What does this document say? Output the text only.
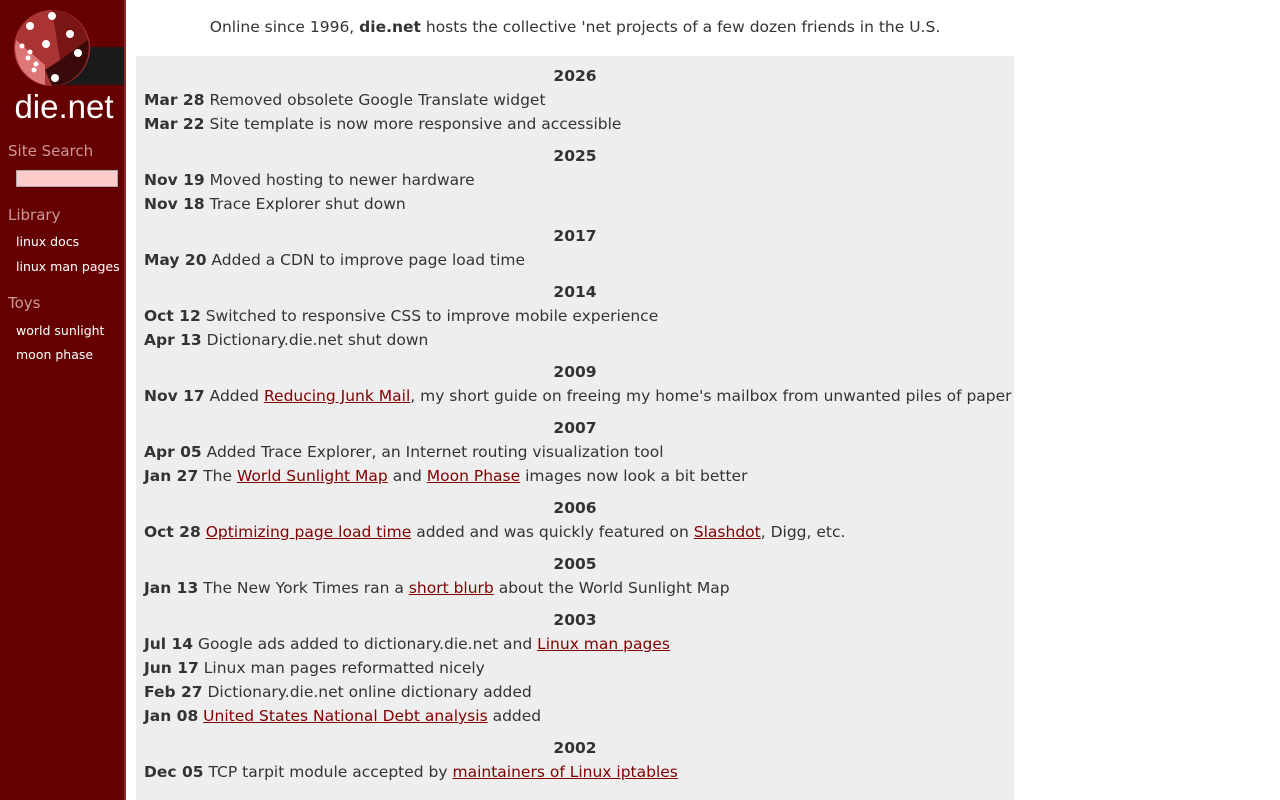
die.net
Site Search
Library
linux docs
linux man pages
Toys
world sunlight
moon phase
Online since 1996, die.net hosts the collective 'net projects of a few dozen friends in the U.S.
2026
Mar 28 Removed obsolete Google Translate widget
Mar 22 Site template is now more responsive and accessible
2025
Nov 19 Moved hosting to newer hardware
Nov 18 Trace Explorer shut down
2017
May 20 Added a CDN to improve page load time
2014
Oct 12 Switched to responsive CSS to improve mobile experience
Apr 13 Dictionary.die.net shut down
2009
Nov 17 Added Reducing Junk Mail, my short guide on freeing my home's mailbox from unwanted piles of paper
2007
Apr 05 Added Trace Explorer, an Internet routing visualization tool
Jan 27 The World Sunlight Map and Moon Phase images now look a bit better
2006
Oct 28 Optimizing page load time added and was quickly featured on Slashdot, Digg, etc.
2005
Jan 13 The New York Times ran a short blurb about the World Sunlight Map
2003
Jul 14 Google ads added to dictionary.die.net and Linux man pages
Jun 17 Linux man pages reformatted nicely
Feb 27 Dictionary.die.net online dictionary added
Jan 08 United States National Debt analysis added
2002
Dec 05 TCP tarpit module accepted by maintainers of Linux iptables
